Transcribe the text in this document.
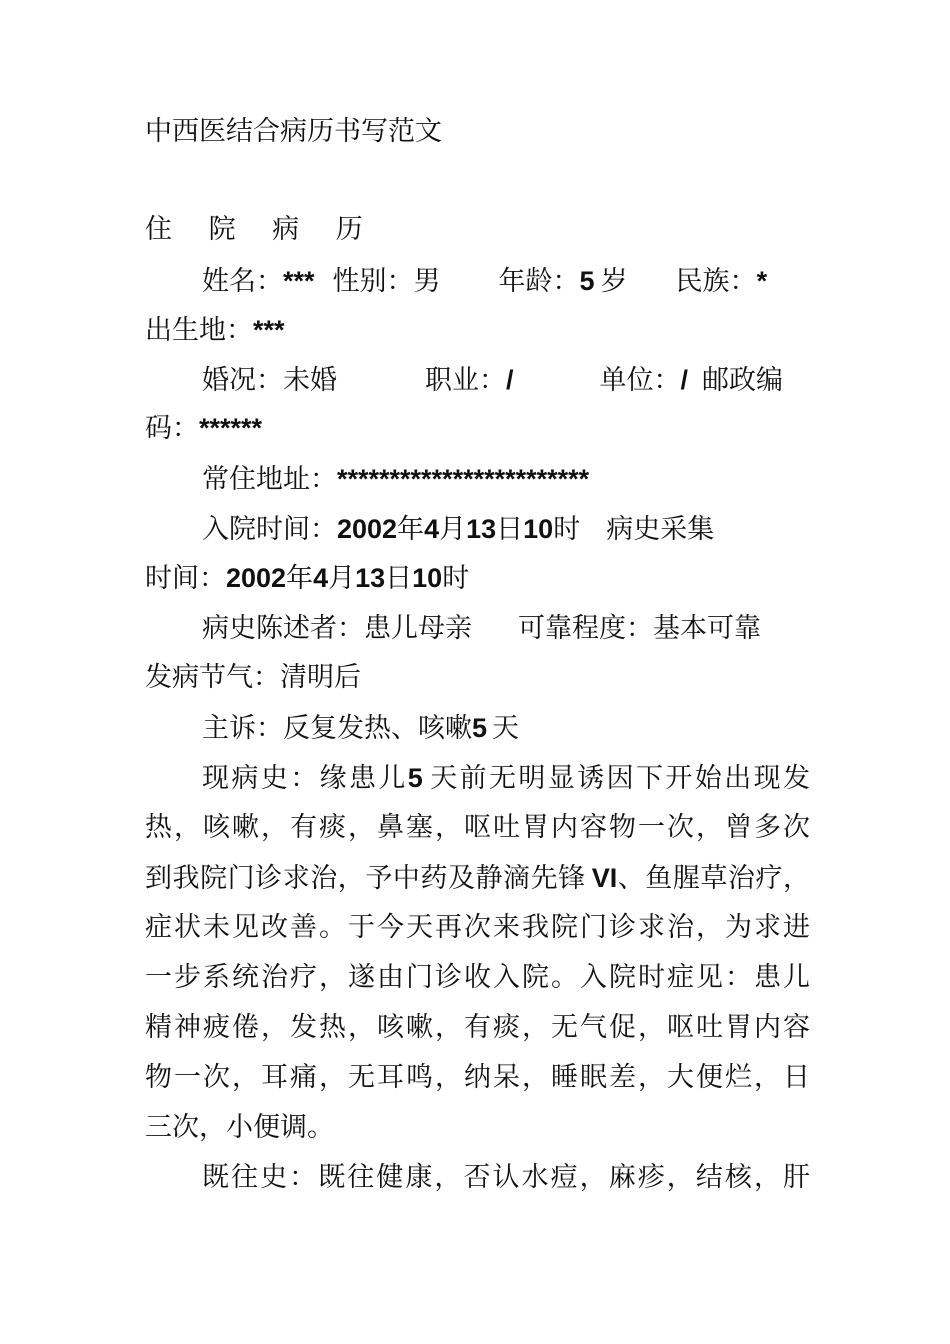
中西医结合病历书写范文
住 院 病 历
姓名：*** 性别：男 年龄：5 岁 民族：*
出生地：***
婚况：未婚	职业：/	单位：/ 邮政编
码：******
常住地址：************************
入院时间：2002年4月13日10时 病史采集
时间：2002年4月13日10时
病史陈述者：患儿母亲 可靠程度：基本可靠
发病节气：清明后
主诉：反复发热、咳嗽5 天
现病史：缘患儿5 天前无明显诱因下开始出现发
热，咳嗽，有痰，鼻塞，呕吐胃内容物一次，曾多次
到我院门诊求治，予中药及静滴先锋 VI、鱼腥草治疗，
症状未见改善。于今天再次来我院门诊求治，为求进
一步系统治疗，遂由门诊收入院。入院时症见：患儿
精神疲倦，发热，咳嗽，有痰，无气促，呕吐胃内容
物一次，耳痛，无耳鸣，纳呆，睡眠差，大便烂，日
三次，小便调。
既往史：既往健康，否认水痘，麻疹，结核，肝
